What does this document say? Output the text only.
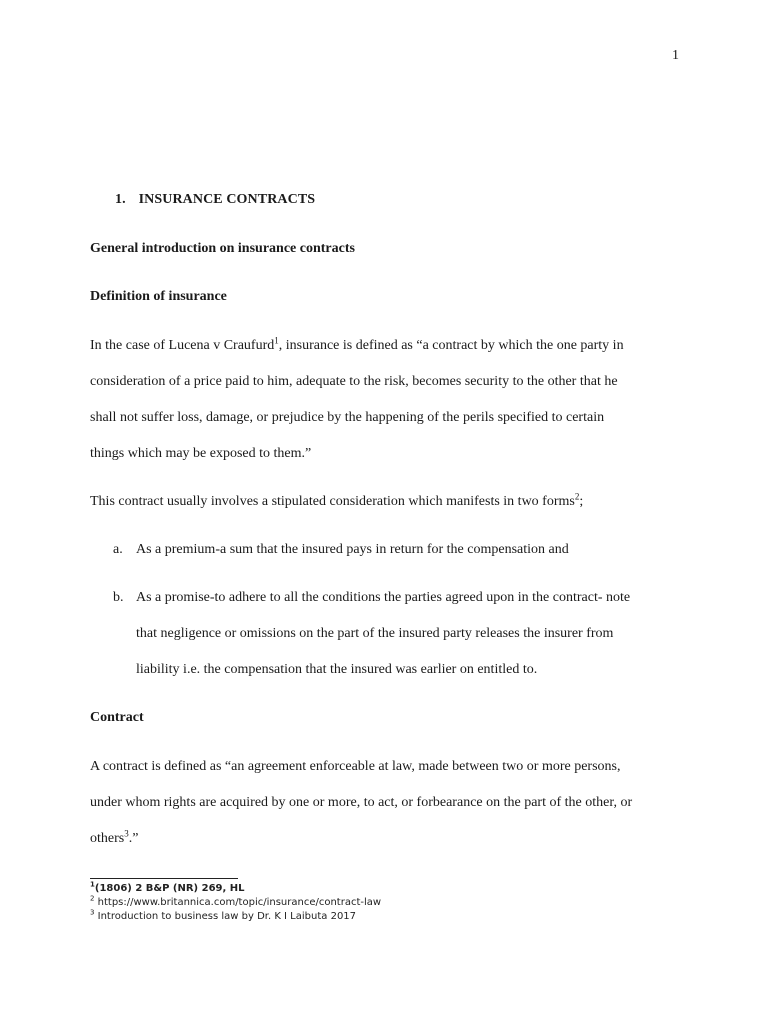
1
1. INSURANCE CONTRACTS
General introduction on insurance contracts
Definition of insurance
In the case of Lucena v Craufurd$^1$, insurance is defined as “a contract by which the one party in
consideration of a price paid to him, adequate to the risk, becomes security to the other that he
shall not suffer loss, damage, or prejudice by the happening of the perils specified to certain
things which may be exposed to them.”
This contract usually involves a stipulated consideration which manifests in two forms$^2$;
a. As a premium-a sum that the insured pays in return for the compensation and
b. As a promise-to adhere to all the conditions the parties agreed upon in the contract- note
that negligence or omissions on the part of the insured party releases the insurer from
liability i.e. the compensation that the insured was earlier on entitled to.
Contract
A contract is defined as “an agreement enforceable at law, made between two or more persons,
under whom rights are acquired by one or more, to act, or forbearance on the part of the other, or
others$^3$.”
$^1$(1806) 2 B&P (NR) 269, HL
$^2$ https://www.britannica.com/topic/insurance/contract-law
$^3$ Introduction to business law by Dr. K I Laibuta 2017
